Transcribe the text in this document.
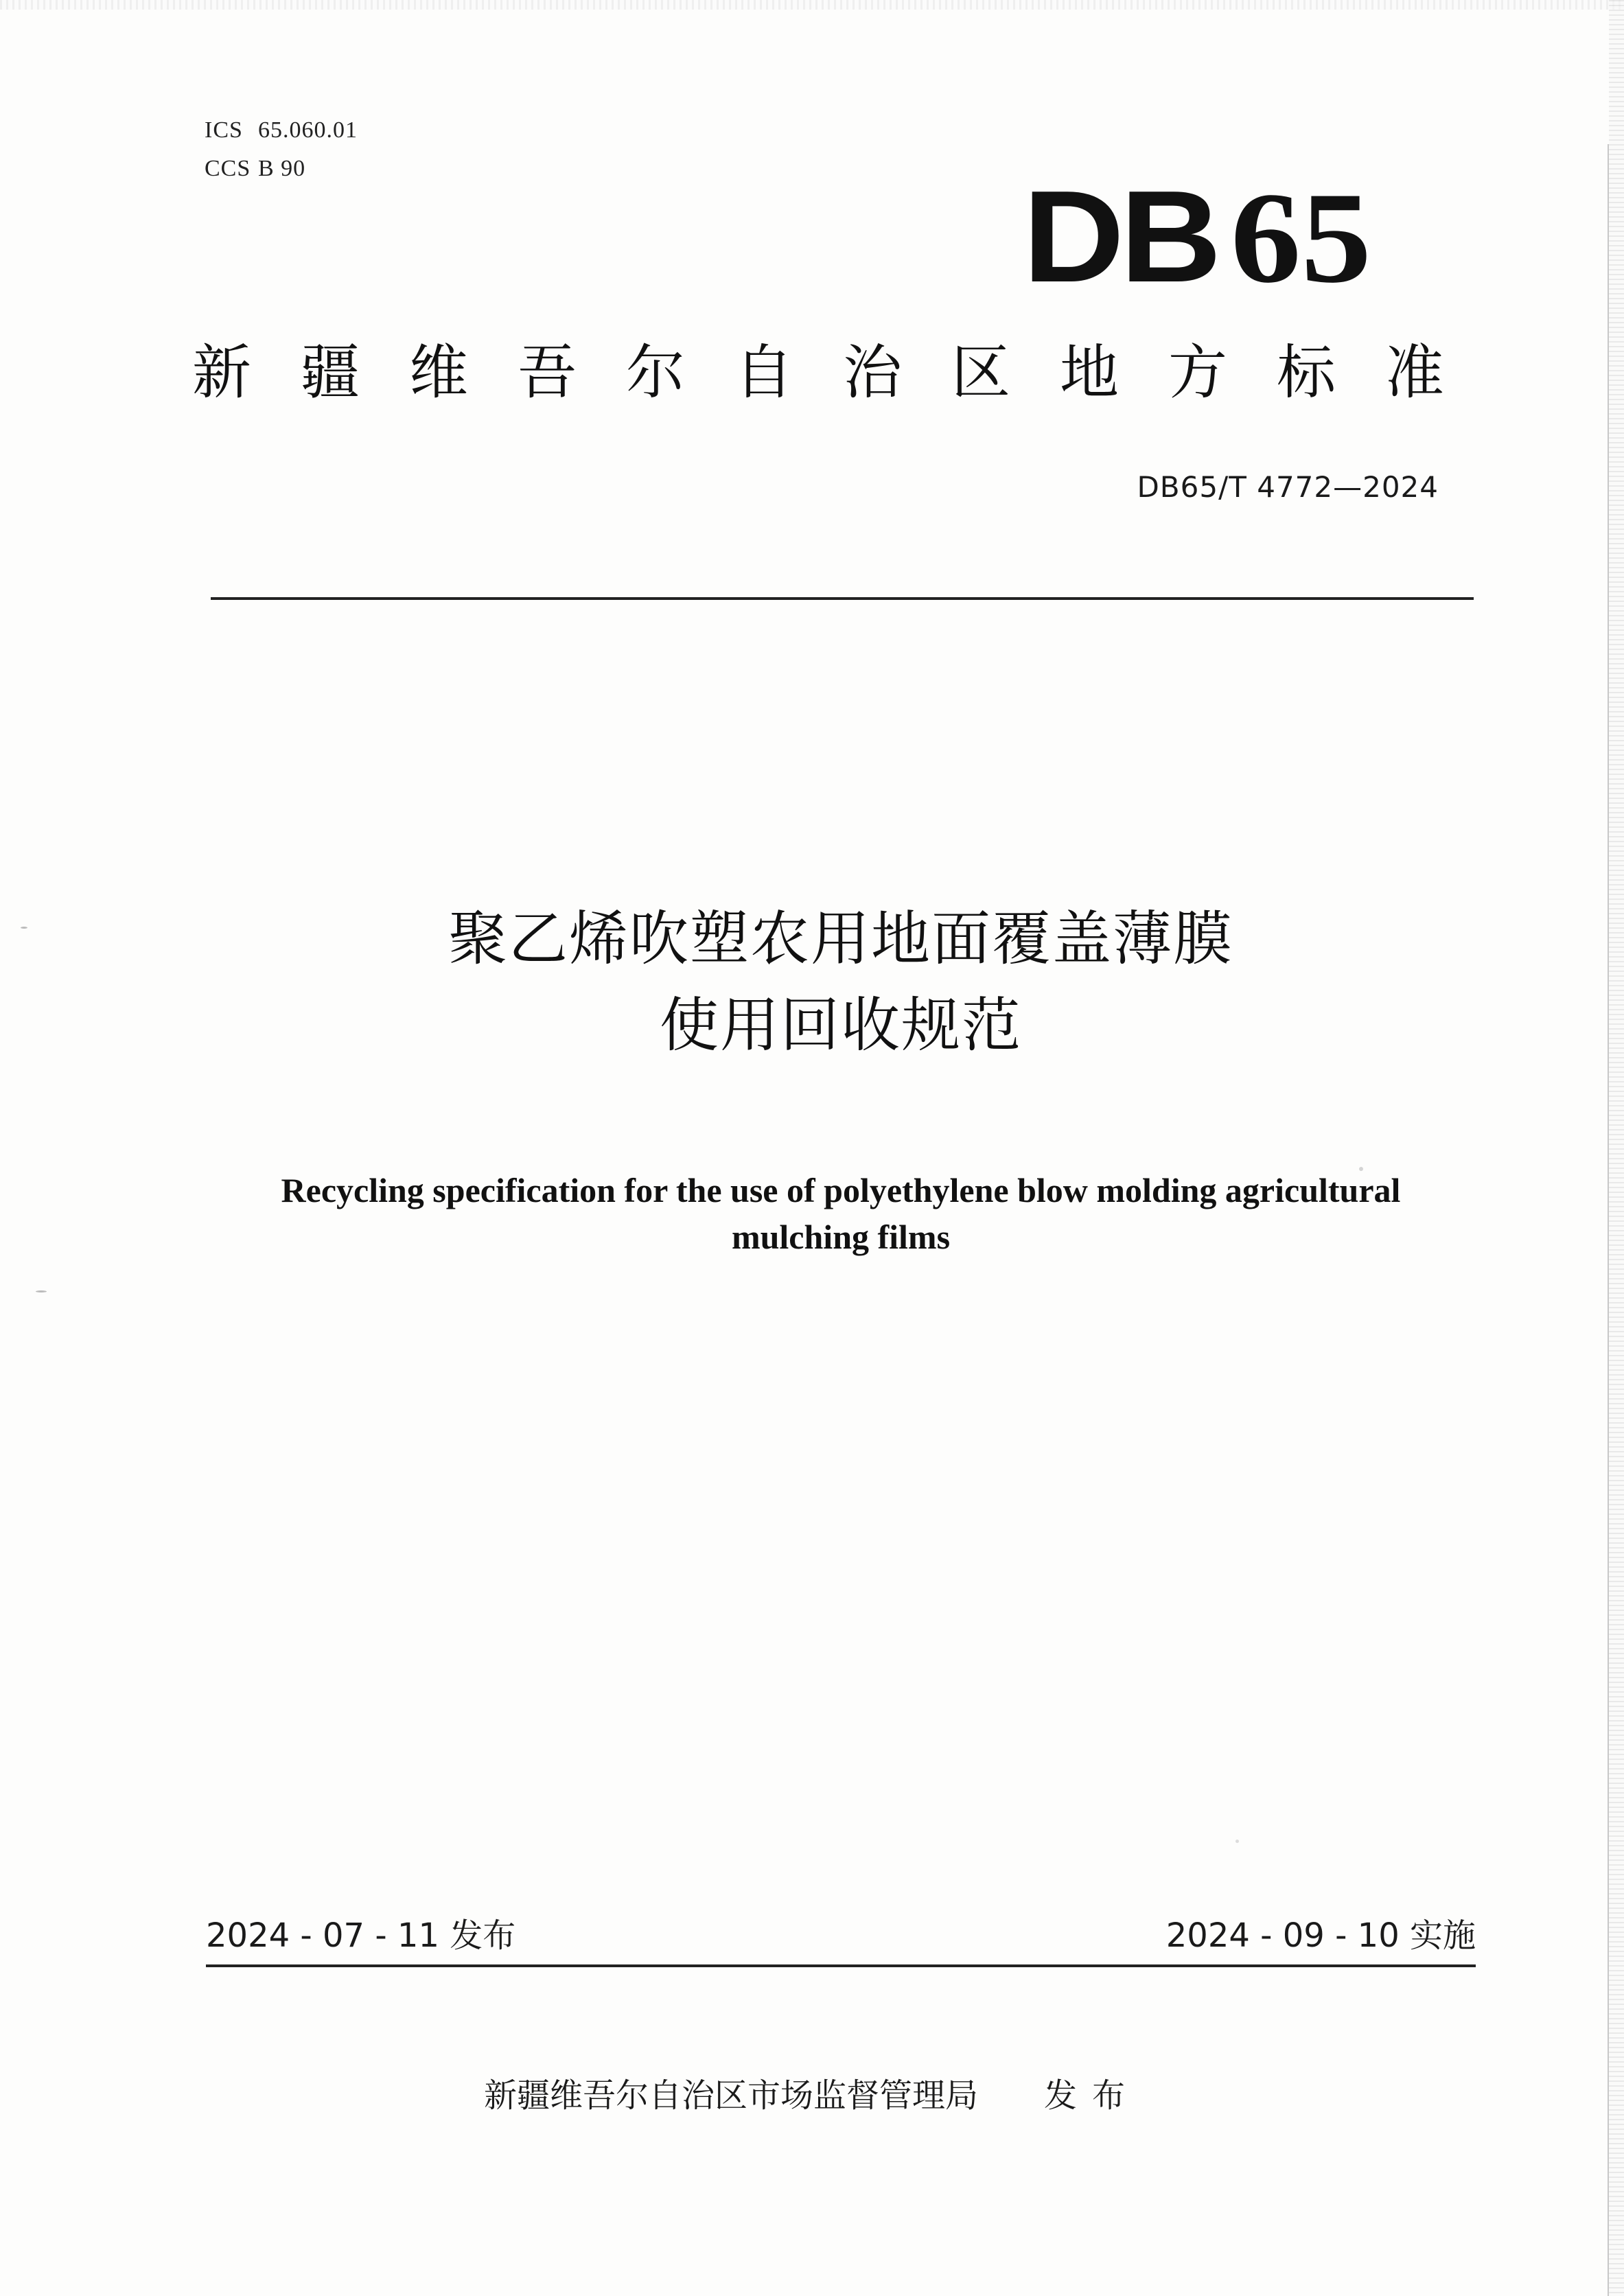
ICS 65.060.01
CCS B 90	DB 65
新疆维吾尔自治区地方标准
DB65/T 4772—2024
聚乙烯吹塑农用地面覆盖薄膜
使用回收规范
Recycling specification for the use of polyethylene blow molding agricultural
mulching films
2024 - 07 - 11 发布	2024 - 09 - 10 实施
新疆维吾尔自治区市场监督管理局 发布
